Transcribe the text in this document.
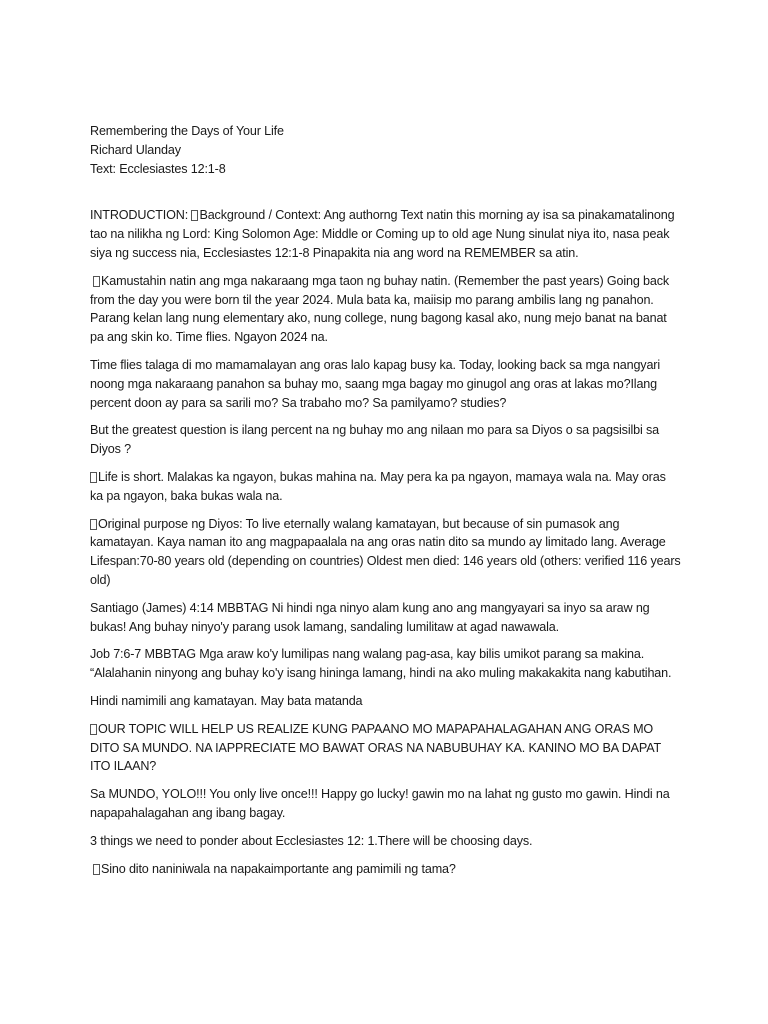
Remembering the Days of Your Life

Richard Ulanday

Text: Ecclesiastes 12:1-8

INTRODUCTION: Background / Context: Ang authorng Text natin this morning ay isa sa pinakamatalinong tao na nilikha ng Lord: King Solomon Age: Middle or Coming up to old age Nung sinulat niya ito, nasa peak siya ng success nia, Ecclesiastes 12:1-8 Pinapakita nia ang word na REMEMBER sa atin.

Kamustahin natin ang mga nakaraang mga taon ng buhay natin. (Remember the past years) Going back from the day you were born til the year 2024. Mula bata ka, maiisip mo parang ambilis lang ng panahon. Parang kelan lang nung elementary ako, nung college, nung bagong kasal ako, nung mejo banat na banat pa ang skin ko. Time flies. Ngayon 2024 na.

Time flies talaga di mo mamamalayan ang oras lalo kapag busy ka. Today, looking back sa mga nangyari noong mga nakaraang panahon sa buhay mo, saang mga bagay mo ginugol ang oras at lakas mo?Ilang percent doon ay para sa sarili mo? Sa trabaho mo? Sa pamilyamo? studies?

But the greatest question is ilang percent na ng buhay mo ang nilaan mo para sa Diyos o sa pagsisilbi sa Diyos ?

Life is short. Malakas ka ngayon, bukas mahina na. May pera ka pa ngayon, mamaya wala na. May oras ka pa ngayon, baka bukas wala na.

Original purpose ng Diyos: To live eternally walang kamatayan, but because of sin pumasok ang kamatayan. Kaya naman ito ang magpapaalala na ang oras natin dito sa mundo ay limitado lang. Average Lifespan:70-80 years old (depending on countries) Oldest men died: 146 years old (others: verified 116 years old)

Santiago (James) 4:14 MBBTAG Ni hindi nga ninyo alam kung ano ang mangyayari sa inyo sa araw ng bukas! Ang buhay ninyo'y parang usok lamang, sandaling lumilitaw at agad nawawala.

Job 7:6-7 MBBTAG Mga araw ko'y lumilipas nang walang pag-asa, kay bilis umikot parang sa makina. “Alalahanin ninyong ang buhay ko'y isang hininga lamang, hindi na ako muling makakakita nang kabutihan.

Hindi namimili ang kamatayan. May bata matanda

OUR TOPIC WILL HELP US REALIZE KUNG PAPAANO MO MAPAPAHALAGAHAN ANG ORAS MO DITO SA MUNDO. NA IAPPRECIATE MO BAWAT ORAS NA NABUBUHAY KA. KANINO MO BA DAPAT ITO ILAAN?

Sa MUNDO, YOLO!!! You only live once!!! Happy go lucky! gawin mo na lahat ng gusto mo gawin. Hindi na napapahalagahan ang ibang bagay.

3 things we need to ponder about Ecclesiastes 12: 1.There will be choosing days.

Sino dito naniniwala na napakaimportante ang pamimili ng tama?
